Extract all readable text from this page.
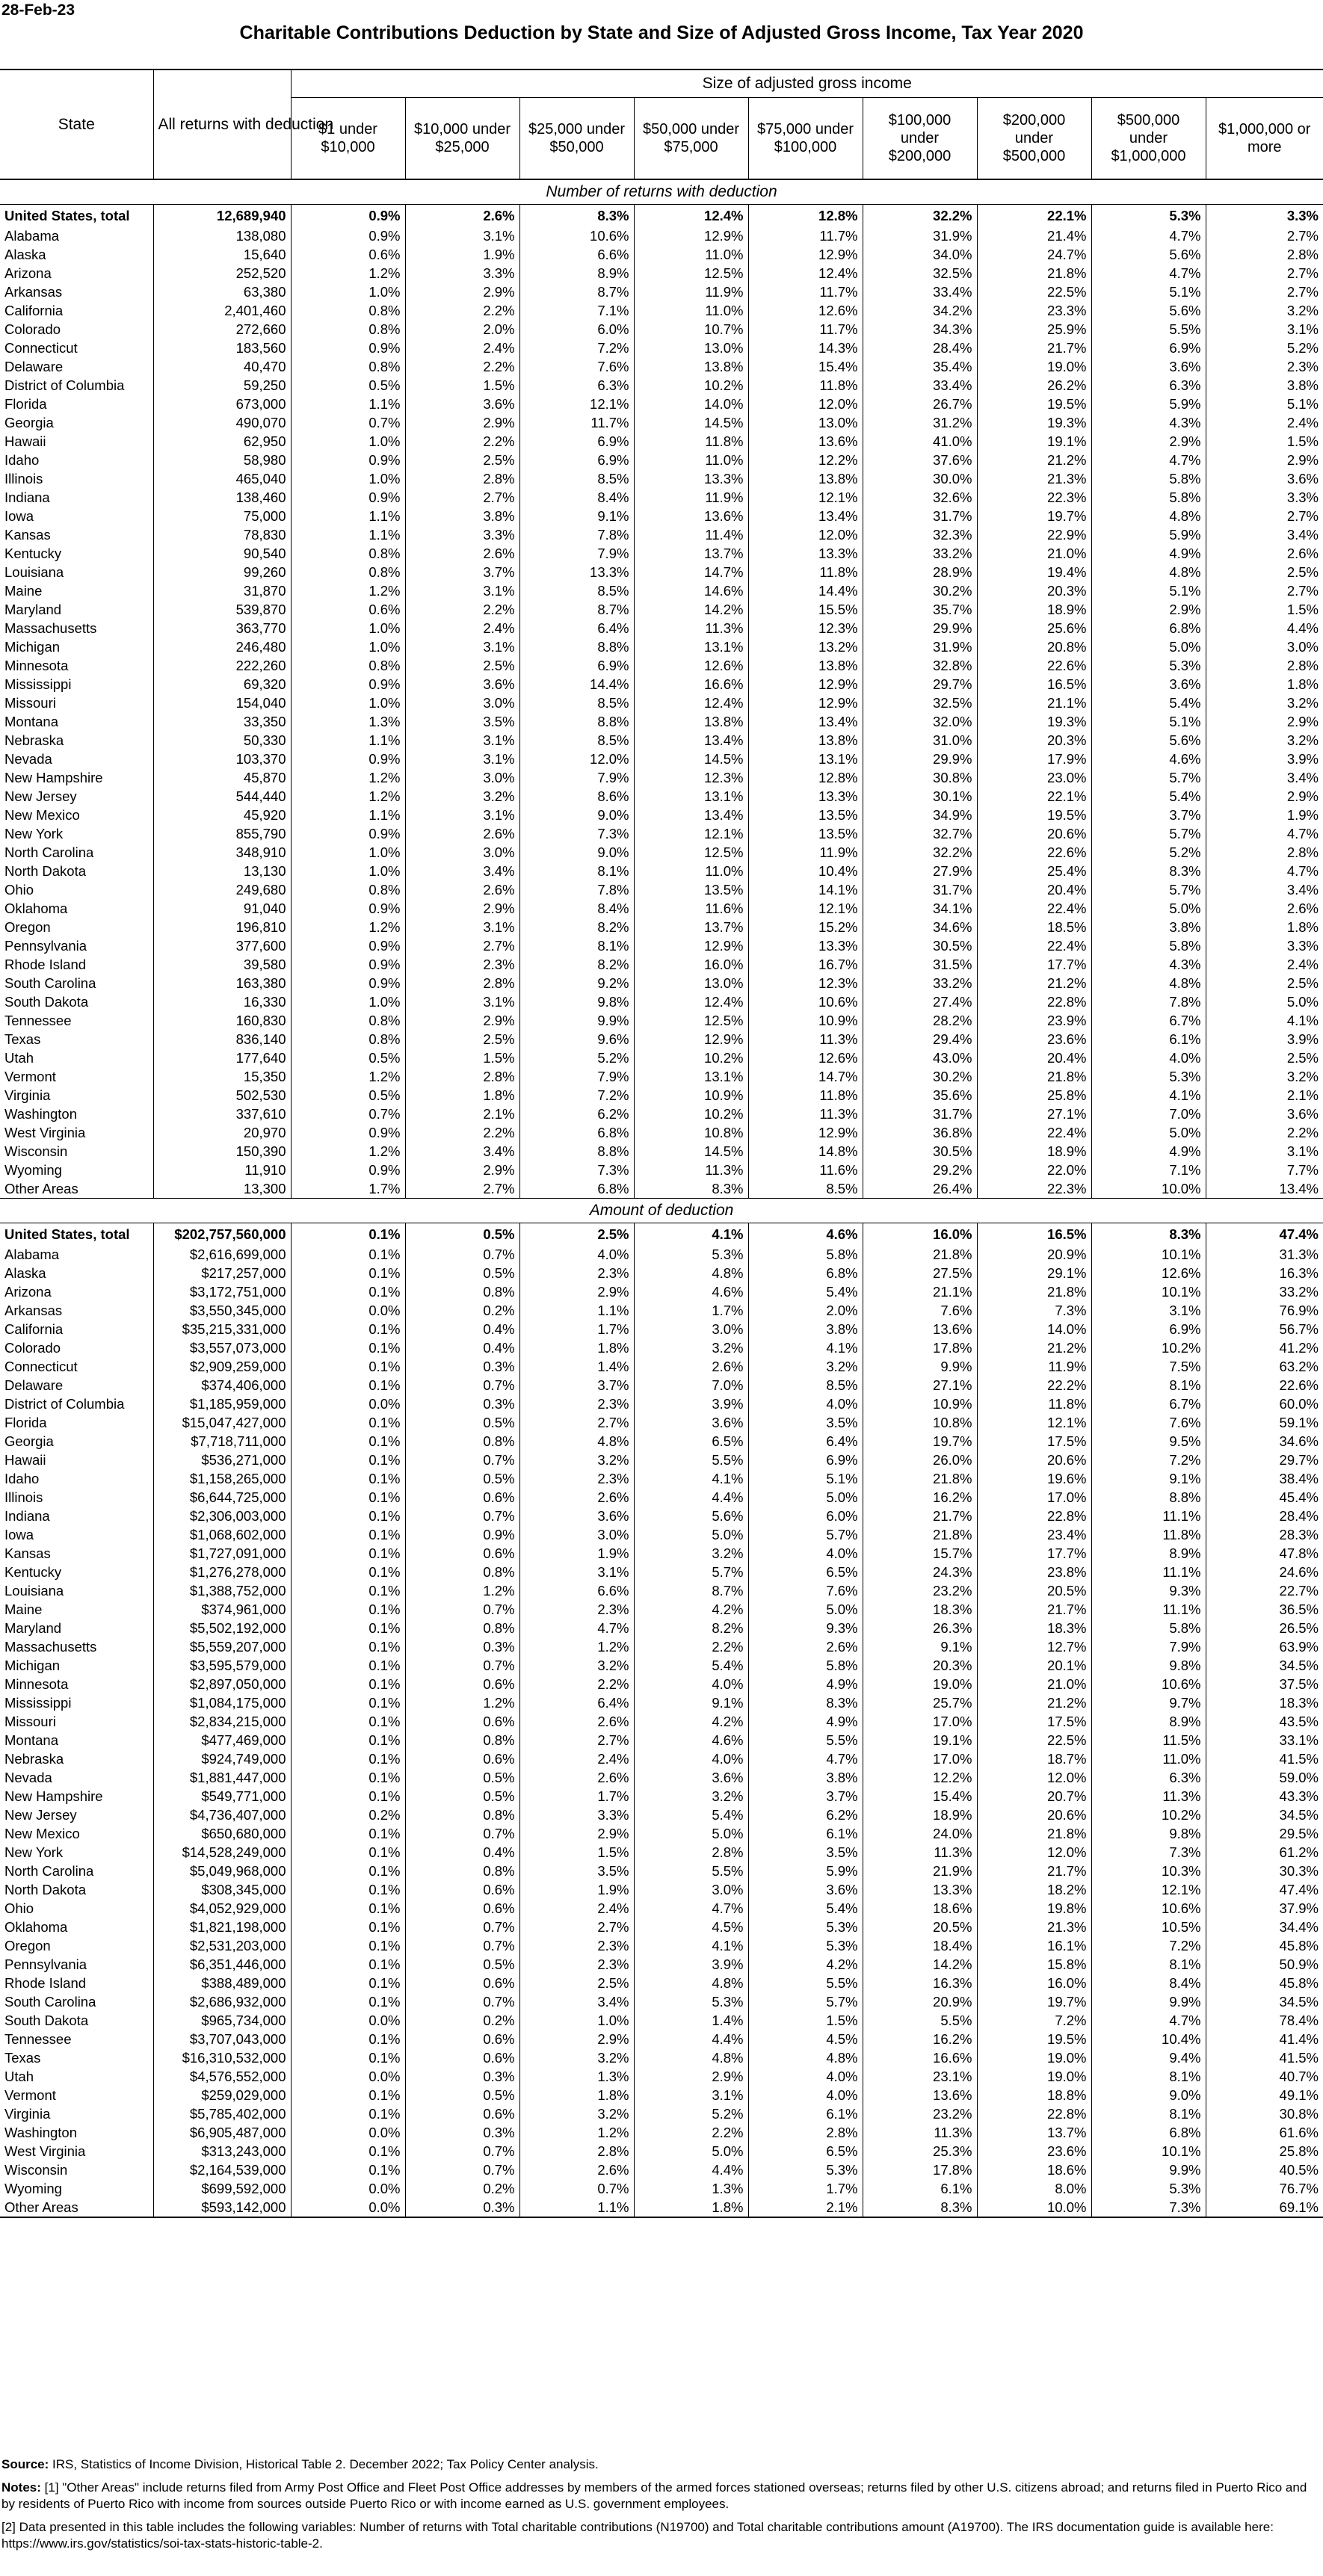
28-Feb-23
Charitable Contributions Deduction by State and Size of Adjusted Gross Income, Tax Year 2020
State	All returns with deduction	Size of adjusted gross income								
		$1 under $10,000	$10,000 under $25,000	$25,000 under $50,000	$50,000 under $75,000	$75,000 under $100,000	$100,000 under $200,000	$200,000 under $500,000	$500,000 under $1,000,000	$1,000,000 or more
Number of returns with deduction										
United States, total	12,689,940	0.9%	2.6%	8.3%	12.4%	12.8%	32.2%	22.1%	5.3%	3.3%
Alabama	138,080	0.9%	3.1%	10.6%	12.9%	11.7%	31.9%	21.4%	4.7%	2.7%
Alaska	15,640	0.6%	1.9%	6.6%	11.0%	12.9%	34.0%	24.7%	5.6%	2.8%
Arizona	252,520	1.2%	3.3%	8.9%	12.5%	12.4%	32.5%	21.8%	4.7%	2.7%
Arkansas	63,380	1.0%	2.9%	8.7%	11.9%	11.7%	33.4%	22.5%	5.1%	2.7%
California	2,401,460	0.8%	2.2%	7.1%	11.0%	12.6%	34.2%	23.3%	5.6%	3.2%
Colorado	272,660	0.8%	2.0%	6.0%	10.7%	11.7%	34.3%	25.9%	5.5%	3.1%
Connecticut	183,560	0.9%	2.4%	7.2%	13.0%	14.3%	28.4%	21.7%	6.9%	5.2%
Delaware	40,470	0.8%	2.2%	7.6%	13.8%	15.4%	35.4%	19.0%	3.6%	2.3%
District of Columbia	59,250	0.5%	1.5%	6.3%	10.2%	11.8%	33.4%	26.2%	6.3%	3.8%
Florida	673,000	1.1%	3.6%	12.1%	14.0%	12.0%	26.7%	19.5%	5.9%	5.1%
Georgia	490,070	0.7%	2.9%	11.7%	14.5%	13.0%	31.2%	19.3%	4.3%	2.4%
Hawaii	62,950	1.0%	2.2%	6.9%	11.8%	13.6%	41.0%	19.1%	2.9%	1.5%
Idaho	58,980	0.9%	2.5%	6.9%	11.0%	12.2%	37.6%	21.2%	4.7%	2.9%
Illinois	465,040	1.0%	2.8%	8.5%	13.3%	13.8%	30.0%	21.3%	5.8%	3.6%
Indiana	138,460	0.9%	2.7%	8.4%	11.9%	12.1%	32.6%	22.3%	5.8%	3.3%
Iowa	75,000	1.1%	3.8%	9.1%	13.6%	13.4%	31.7%	19.7%	4.8%	2.7%
Kansas	78,830	1.1%	3.3%	7.8%	11.4%	12.0%	32.3%	22.9%	5.9%	3.4%
Kentucky	90,540	0.8%	2.6%	7.9%	13.7%	13.3%	33.2%	21.0%	4.9%	2.6%
Louisiana	99,260	0.8%	3.7%	13.3%	14.7%	11.8%	28.9%	19.4%	4.8%	2.5%
Maine	31,870	1.2%	3.1%	8.5%	14.6%	14.4%	30.2%	20.3%	5.1%	2.7%
Maryland	539,870	0.6%	2.2%	8.7%	14.2%	15.5%	35.7%	18.9%	2.9%	1.5%
Massachusetts	363,770	1.0%	2.4%	6.4%	11.3%	12.3%	29.9%	25.6%	6.8%	4.4%
Michigan	246,480	1.0%	3.1%	8.8%	13.1%	13.2%	31.9%	20.8%	5.0%	3.0%
Minnesota	222,260	0.8%	2.5%	6.9%	12.6%	13.8%	32.8%	22.6%	5.3%	2.8%
Mississippi	69,320	0.9%	3.6%	14.4%	16.6%	12.9%	29.7%	16.5%	3.6%	1.8%
Missouri	154,040	1.0%	3.0%	8.5%	12.4%	12.9%	32.5%	21.1%	5.4%	3.2%
Montana	33,350	1.3%	3.5%	8.8%	13.8%	13.4%	32.0%	19.3%	5.1%	2.9%
Nebraska	50,330	1.1%	3.1%	8.5%	13.4%	13.8%	31.0%	20.3%	5.6%	3.2%
Nevada	103,370	0.9%	3.1%	12.0%	14.5%	13.1%	29.9%	17.9%	4.6%	3.9%
New Hampshire	45,870	1.2%	3.0%	7.9%	12.3%	12.8%	30.8%	23.0%	5.7%	3.4%
New Jersey	544,440	1.2%	3.2%	8.6%	13.1%	13.3%	30.1%	22.1%	5.4%	2.9%
New Mexico	45,920	1.1%	3.1%	9.0%	13.4%	13.5%	34.9%	19.5%	3.7%	1.9%
New York	855,790	0.9%	2.6%	7.3%	12.1%	13.5%	32.7%	20.6%	5.7%	4.7%
North Carolina	348,910	1.0%	3.0%	9.0%	12.5%	11.9%	32.2%	22.6%	5.2%	2.8%
North Dakota	13,130	1.0%	3.4%	8.1%	11.0%	10.4%	27.9%	25.4%	8.3%	4.7%
Ohio	249,680	0.8%	2.6%	7.8%	13.5%	14.1%	31.7%	20.4%	5.7%	3.4%
Oklahoma	91,040	0.9%	2.9%	8.4%	11.6%	12.1%	34.1%	22.4%	5.0%	2.6%
Oregon	196,810	1.2%	3.1%	8.2%	13.7%	15.2%	34.6%	18.5%	3.8%	1.8%
Pennsylvania	377,600	0.9%	2.7%	8.1%	12.9%	13.3%	30.5%	22.4%	5.8%	3.3%
Rhode Island	39,580	0.9%	2.3%	8.2%	16.0%	16.7%	31.5%	17.7%	4.3%	2.4%
South Carolina	163,380	0.9%	2.8%	9.2%	13.0%	12.3%	33.2%	21.2%	4.8%	2.5%
South Dakota	16,330	1.0%	3.1%	9.8%	12.4%	10.6%	27.4%	22.8%	7.8%	5.0%
Tennessee	160,830	0.8%	2.9%	9.9%	12.5%	10.9%	28.2%	23.9%	6.7%	4.1%
Texas	836,140	0.8%	2.5%	9.6%	12.9%	11.3%	29.4%	23.6%	6.1%	3.9%
Utah	177,640	0.5%	1.5%	5.2%	10.2%	12.6%	43.0%	20.4%	4.0%	2.5%
Vermont	15,350	1.2%	2.8%	7.9%	13.1%	14.7%	30.2%	21.8%	5.3%	3.2%
Virginia	502,530	0.5%	1.8%	7.2%	10.9%	11.8%	35.6%	25.8%	4.1%	2.1%
Washington	337,610	0.7%	2.1%	6.2%	10.2%	11.3%	31.7%	27.1%	7.0%	3.6%
West Virginia	20,970	0.9%	2.2%	6.8%	10.8%	12.9%	36.8%	22.4%	5.0%	2.2%
Wisconsin	150,390	1.2%	3.4%	8.8%	14.5%	14.8%	30.5%	18.9%	4.9%	3.1%
Wyoming	11,910	0.9%	2.9%	7.3%	11.3%	11.6%	29.2%	22.0%	7.1%	7.7%
Other Areas	13,300	1.7%	2.7%	6.8%	8.3%	8.5%	26.4%	22.3%	10.0%	13.4%
Amount of deduction										
United States, total	$202,757,560,000	0.1%	0.5%	2.5%	4.1%	4.6%	16.0%	16.5%	8.3%	47.4%
Alabama	$2,616,699,000	0.1%	0.7%	4.0%	5.3%	5.8%	21.8%	20.9%	10.1%	31.3%
Alaska	$217,257,000	0.1%	0.5%	2.3%	4.8%	6.8%	27.5%	29.1%	12.6%	16.3%
Arizona	$3,172,751,000	0.1%	0.8%	2.9%	4.6%	5.4%	21.1%	21.8%	10.1%	33.2%
Arkansas	$3,550,345,000	0.0%	0.2%	1.1%	1.7%	2.0%	7.6%	7.3%	3.1%	76.9%
California	$35,215,331,000	0.1%	0.4%	1.7%	3.0%	3.8%	13.6%	14.0%	6.9%	56.7%
Colorado	$3,557,073,000	0.1%	0.4%	1.8%	3.2%	4.1%	17.8%	21.2%	10.2%	41.2%
Connecticut	$2,909,259,000	0.1%	0.3%	1.4%	2.6%	3.2%	9.9%	11.9%	7.5%	63.2%
Delaware	$374,406,000	0.1%	0.7%	3.7%	7.0%	8.5%	27.1%	22.2%	8.1%	22.6%
District of Columbia	$1,185,959,000	0.0%	0.3%	2.3%	3.9%	4.0%	10.9%	11.8%	6.7%	60.0%
Florida	$15,047,427,000	0.1%	0.5%	2.7%	3.6%	3.5%	10.8%	12.1%	7.6%	59.1%
Georgia	$7,718,711,000	0.1%	0.8%	4.8%	6.5%	6.4%	19.7%	17.5%	9.5%	34.6%
Hawaii	$536,271,000	0.1%	0.7%	3.2%	5.5%	6.9%	26.0%	20.6%	7.2%	29.7%
Idaho	$1,158,265,000	0.1%	0.5%	2.3%	4.1%	5.1%	21.8%	19.6%	9.1%	38.4%
Illinois	$6,644,725,000	0.1%	0.6%	2.6%	4.4%	5.0%	16.2%	17.0%	8.8%	45.4%
Indiana	$2,306,003,000	0.1%	0.7%	3.6%	5.6%	6.0%	21.7%	22.8%	11.1%	28.4%
Iowa	$1,068,602,000	0.1%	0.9%	3.0%	5.0%	5.7%	21.8%	23.4%	11.8%	28.3%
Kansas	$1,727,091,000	0.1%	0.6%	1.9%	3.2%	4.0%	15.7%	17.7%	8.9%	47.8%
Kentucky	$1,276,278,000	0.1%	0.8%	3.1%	5.7%	6.5%	24.3%	23.8%	11.1%	24.6%
Louisiana	$1,388,752,000	0.1%	1.2%	6.6%	8.7%	7.6%	23.2%	20.5%	9.3%	22.7%
Maine	$374,961,000	0.1%	0.7%	2.3%	4.2%	5.0%	18.3%	21.7%	11.1%	36.5%
Maryland	$5,502,192,000	0.1%	0.8%	4.7%	8.2%	9.3%	26.3%	18.3%	5.8%	26.5%
Massachusetts	$5,559,207,000	0.1%	0.3%	1.2%	2.2%	2.6%	9.1%	12.7%	7.9%	63.9%
Michigan	$3,595,579,000	0.1%	0.7%	3.2%	5.4%	5.8%	20.3%	20.1%	9.8%	34.5%
Minnesota	$2,897,050,000	0.1%	0.6%	2.2%	4.0%	4.9%	19.0%	21.0%	10.6%	37.5%
Mississippi	$1,084,175,000	0.1%	1.2%	6.4%	9.1%	8.3%	25.7%	21.2%	9.7%	18.3%
Missouri	$2,834,215,000	0.1%	0.6%	2.6%	4.2%	4.9%	17.0%	17.5%	8.9%	43.5%
Montana	$477,469,000	0.1%	0.8%	2.7%	4.6%	5.5%	19.1%	22.5%	11.5%	33.1%
Nebraska	$924,749,000	0.1%	0.6%	2.4%	4.0%	4.7%	17.0%	18.7%	11.0%	41.5%
Nevada	$1,881,447,000	0.1%	0.5%	2.6%	3.6%	3.8%	12.2%	12.0%	6.3%	59.0%
New Hampshire	$549,771,000	0.1%	0.5%	1.7%	3.2%	3.7%	15.4%	20.7%	11.3%	43.3%
New Jersey	$4,736,407,000	0.2%	0.8%	3.3%	5.4%	6.2%	18.9%	20.6%	10.2%	34.5%
New Mexico	$650,680,000	0.1%	0.7%	2.9%	5.0%	6.1%	24.0%	21.8%	9.8%	29.5%
New York	$14,528,249,000	0.1%	0.4%	1.5%	2.8%	3.5%	11.3%	12.0%	7.3%	61.2%
North Carolina	$5,049,968,000	0.1%	0.8%	3.5%	5.5%	5.9%	21.9%	21.7%	10.3%	30.3%
North Dakota	$308,345,000	0.1%	0.6%	1.9%	3.0%	3.6%	13.3%	18.2%	12.1%	47.4%
Ohio	$4,052,929,000	0.1%	0.6%	2.4%	4.7%	5.4%	18.6%	19.8%	10.6%	37.9%
Oklahoma	$1,821,198,000	0.1%	0.7%	2.7%	4.5%	5.3%	20.5%	21.3%	10.5%	34.4%
Oregon	$2,531,203,000	0.1%	0.7%	2.3%	4.1%	5.3%	18.4%	16.1%	7.2%	45.8%
Pennsylvania	$6,351,446,000	0.1%	0.5%	2.3%	3.9%	4.2%	14.2%	15.8%	8.1%	50.9%
Rhode Island	$388,489,000	0.1%	0.6%	2.5%	4.8%	5.5%	16.3%	16.0%	8.4%	45.8%
South Carolina	$2,686,932,000	0.1%	0.7%	3.4%	5.3%	5.7%	20.9%	19.7%	9.9%	34.5%
South Dakota	$965,734,000	0.0%	0.2%	1.0%	1.4%	1.5%	5.5%	7.2%	4.7%	78.4%
Tennessee	$3,707,043,000	0.1%	0.6%	2.9%	4.4%	4.5%	16.2%	19.5%	10.4%	41.4%
Texas	$16,310,532,000	0.1%	0.6%	3.2%	4.8%	4.8%	16.6%	19.0%	9.4%	41.5%
Utah	$4,576,552,000	0.0%	0.3%	1.3%	2.9%	4.0%	23.1%	19.0%	8.1%	40.7%
Vermont	$259,029,000	0.1%	0.5%	1.8%	3.1%	4.0%	13.6%	18.8%	9.0%	49.1%
Virginia	$5,785,402,000	0.1%	0.6%	3.2%	5.2%	6.1%	23.2%	22.8%	8.1%	30.8%
Washington	$6,905,487,000	0.0%	0.3%	1.2%	2.2%	2.8%	11.3%	13.7%	6.8%	61.6%
West Virginia	$313,243,000	0.1%	0.7%	2.8%	5.0%	6.5%	25.3%	23.6%	10.1%	25.8%
Wisconsin	$2,164,539,000	0.1%	0.7%	2.6%	4.4%	5.3%	17.8%	18.6%	9.9%	40.5%
Wyoming	$699,592,000	0.0%	0.2%	0.7%	1.3%	1.7%	6.1%	8.0%	5.3%	76.7%
Other Areas	$593,142,000	0.0%	0.3%	1.1%	1.8%	2.1%	8.3%	10.0%	7.3%	69.1%

Source: IRS, Statistics of Income Division, Historical Table 2. December 2022; Tax Policy Center analysis.

Notes: [1] "Other Areas" include returns filed from Army Post Office and Fleet Post Office addresses by members of the armed forces stationed overseas; returns filed by other U.S. citizens abroad; and returns filed in Puerto Rico and by residents of Puerto Rico with income from sources outside Puerto Rico or with income earned as U.S. government employees.

[2] Data presented in this table includes the following variables: Number of returns with Total charitable contributions (N19700) and Total charitable contributions amount (A19700). The IRS documentation guide is available here: https://www.irs.gov/statistics/soi-tax-stats-historic-table-2.
